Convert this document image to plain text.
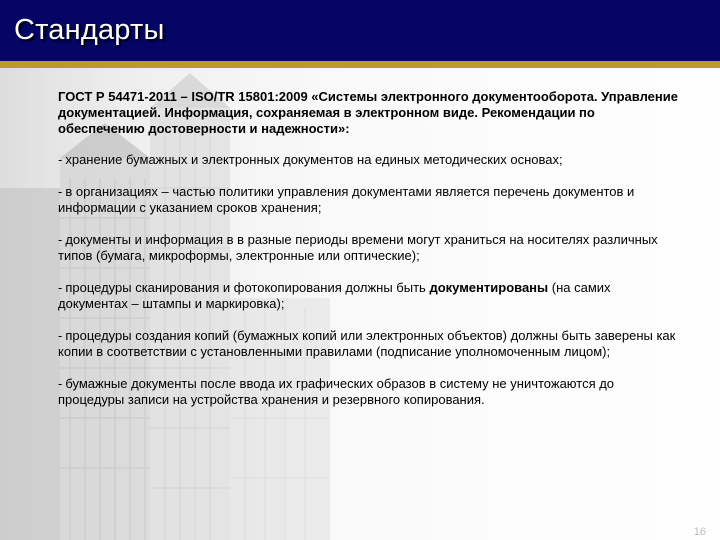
Стандарты

ГОСТ Р 54471-2011 – ISO/TR 15801:2009 «Системы электронного документооборота. Управление документацией. Информация, сохраняемая в электронном виде. Рекомендации по обеспечению достоверности и надежности»:

- хранение бумажных и электронных документов на единых методических основах;

- в организациях – частью политики управления документами является перечень документов и информации с указанием сроков хранения;

- документы и информация в в разные периоды времени могут храниться на носителях различных типов (бумага, микроформы, электронные или оптические);

- процедуры сканирования и фотокопирования должны быть документированы (на самих документах – штампы и маркировка);

- процедуры создания копий (бумажных копий или электронных объектов) должны быть заверены как копии в соответствии с установленными правилами (подписание уполномоченным лицом);

- бумажные документы после ввода их графических образов в систему не уничтожаются до процедуры записи на устройства хранения и резервного копирования.

16
